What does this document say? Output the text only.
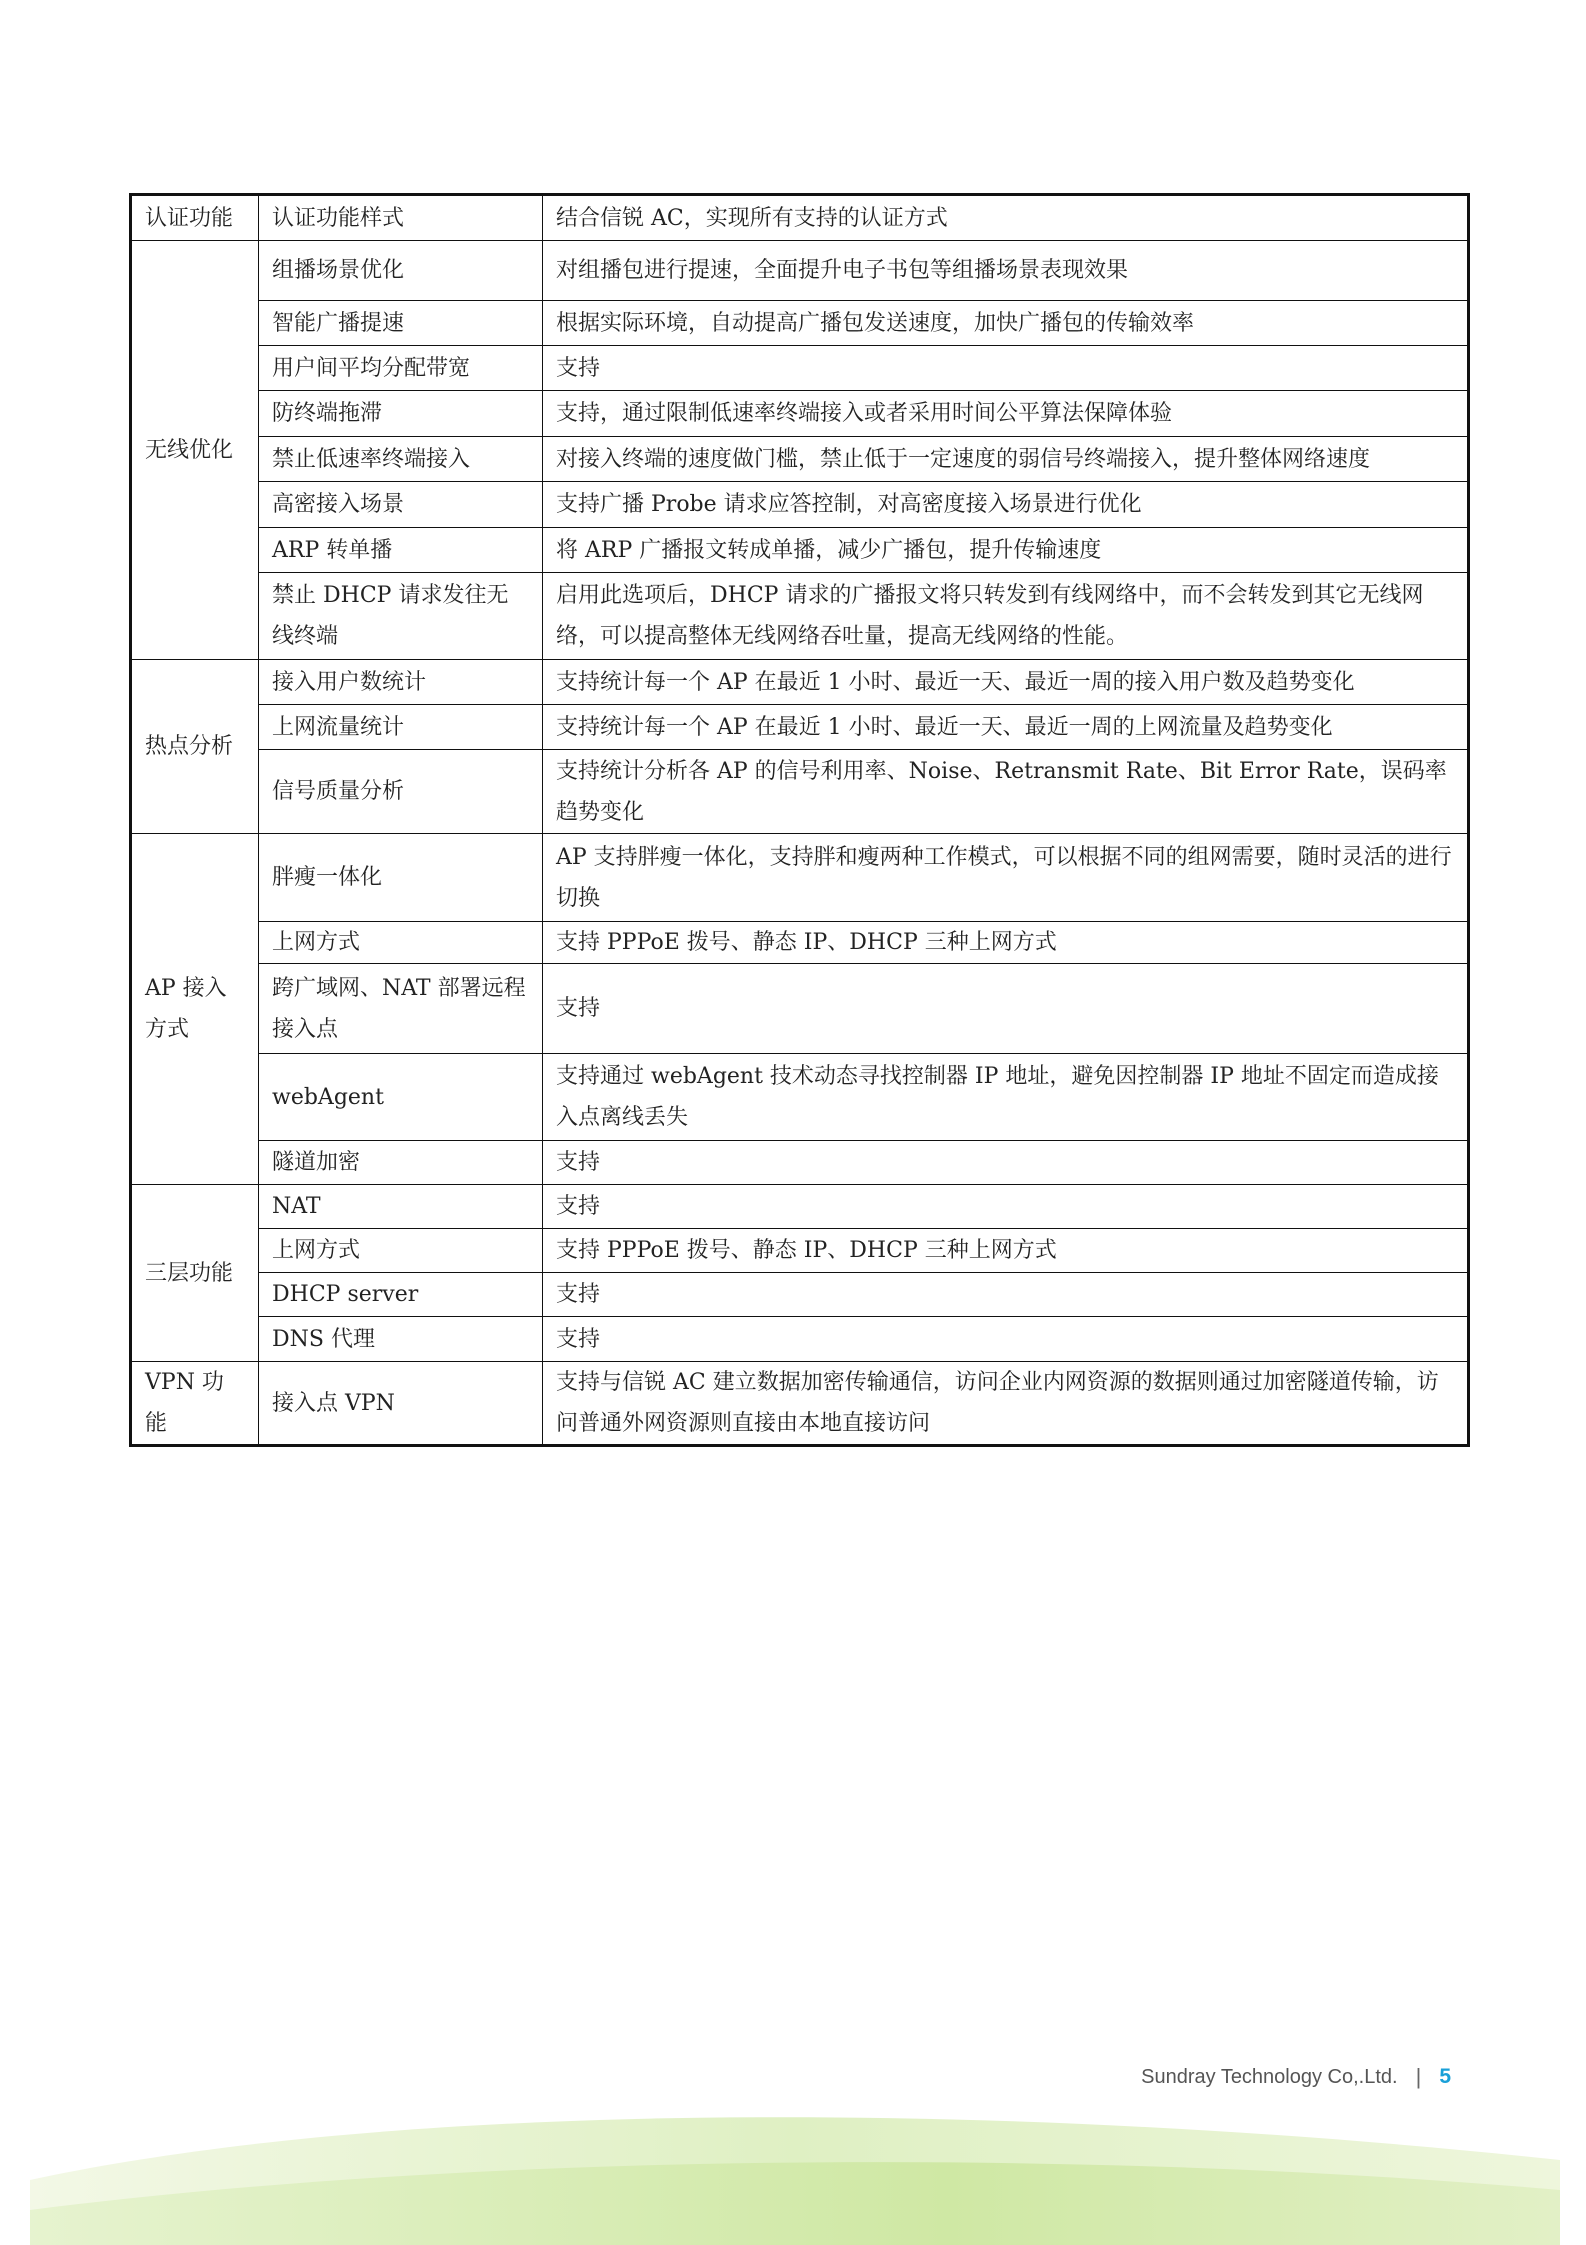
认证功能	认证功能样式	结合信锐 AC，实现所有支持的认证方式
无线优化	组播场景优化	对组播包进行提速，全面提升电子书包等组播场景表现效果
	智能广播提速	根据实际环境，自动提高广播包发送速度，加快广播包的传输效率
	用户间平均分配带宽	支持
	防终端拖滞	支持，通过限制低速率终端接入或者采用时间公平算法保障体验
	禁止低速率终端接入	对接入终端的速度做门槛，禁止低于一定速度的弱信号终端接入，提升整体网络速度
	高密接入场景	支持广播 Probe 请求应答控制，对高密度接入场景进行优化
	ARP 转单播	将 ARP 广播报文转成单播，减少广播包，提升传输速度
	禁止 DHCP 请求发往无线终端	启用此选项后，DHCP 请求的广播报文将只转发到有线网络中，而不会转发到其它无线网络，可以提高整体无线网络吞吐量，提高无线网络的性能。
热点分析	接入用户数统计	支持统计每一个 AP 在最近 1 小时、最近一天、最近一周的接入用户数及趋势变化
	上网流量统计	支持统计每一个 AP 在最近 1 小时、最近一天、最近一周的上网流量及趋势变化
	信号质量分析	支持统计分析各 AP 的信号利用率、Noise、Retransmit Rate、Bit Error Rate，误码率趋势变化
AP 接入方式	胖瘦一体化	AP 支持胖瘦一体化，支持胖和瘦两种工作模式，可以根据不同的组网需要，随时灵活的进行切换
	上网方式	支持 PPPoE 拨号、静态 IP、DHCP 三种上网方式
	跨广域网、NAT 部署远程接入点	支持
	webAgent	支持通过 webAgent 技术动态寻找控制器 IP 地址，避免因控制器 IP 地址不固定而造成接入点离线丢失
	隧道加密	支持
三层功能	NAT	支持
	上网方式	支持 PPPoE 拨号、静态 IP、DHCP 三种上网方式
	DHCP server	支持
	DNS 代理	支持
VPN 功能	接入点 VPN	支持与信锐 AC 建立数据加密传输通信，访问企业内网资源的数据则通过加密隧道传输，访问普通外网资源则直接由本地直接访问
Sundray Technology Co,.Ltd. | 5
